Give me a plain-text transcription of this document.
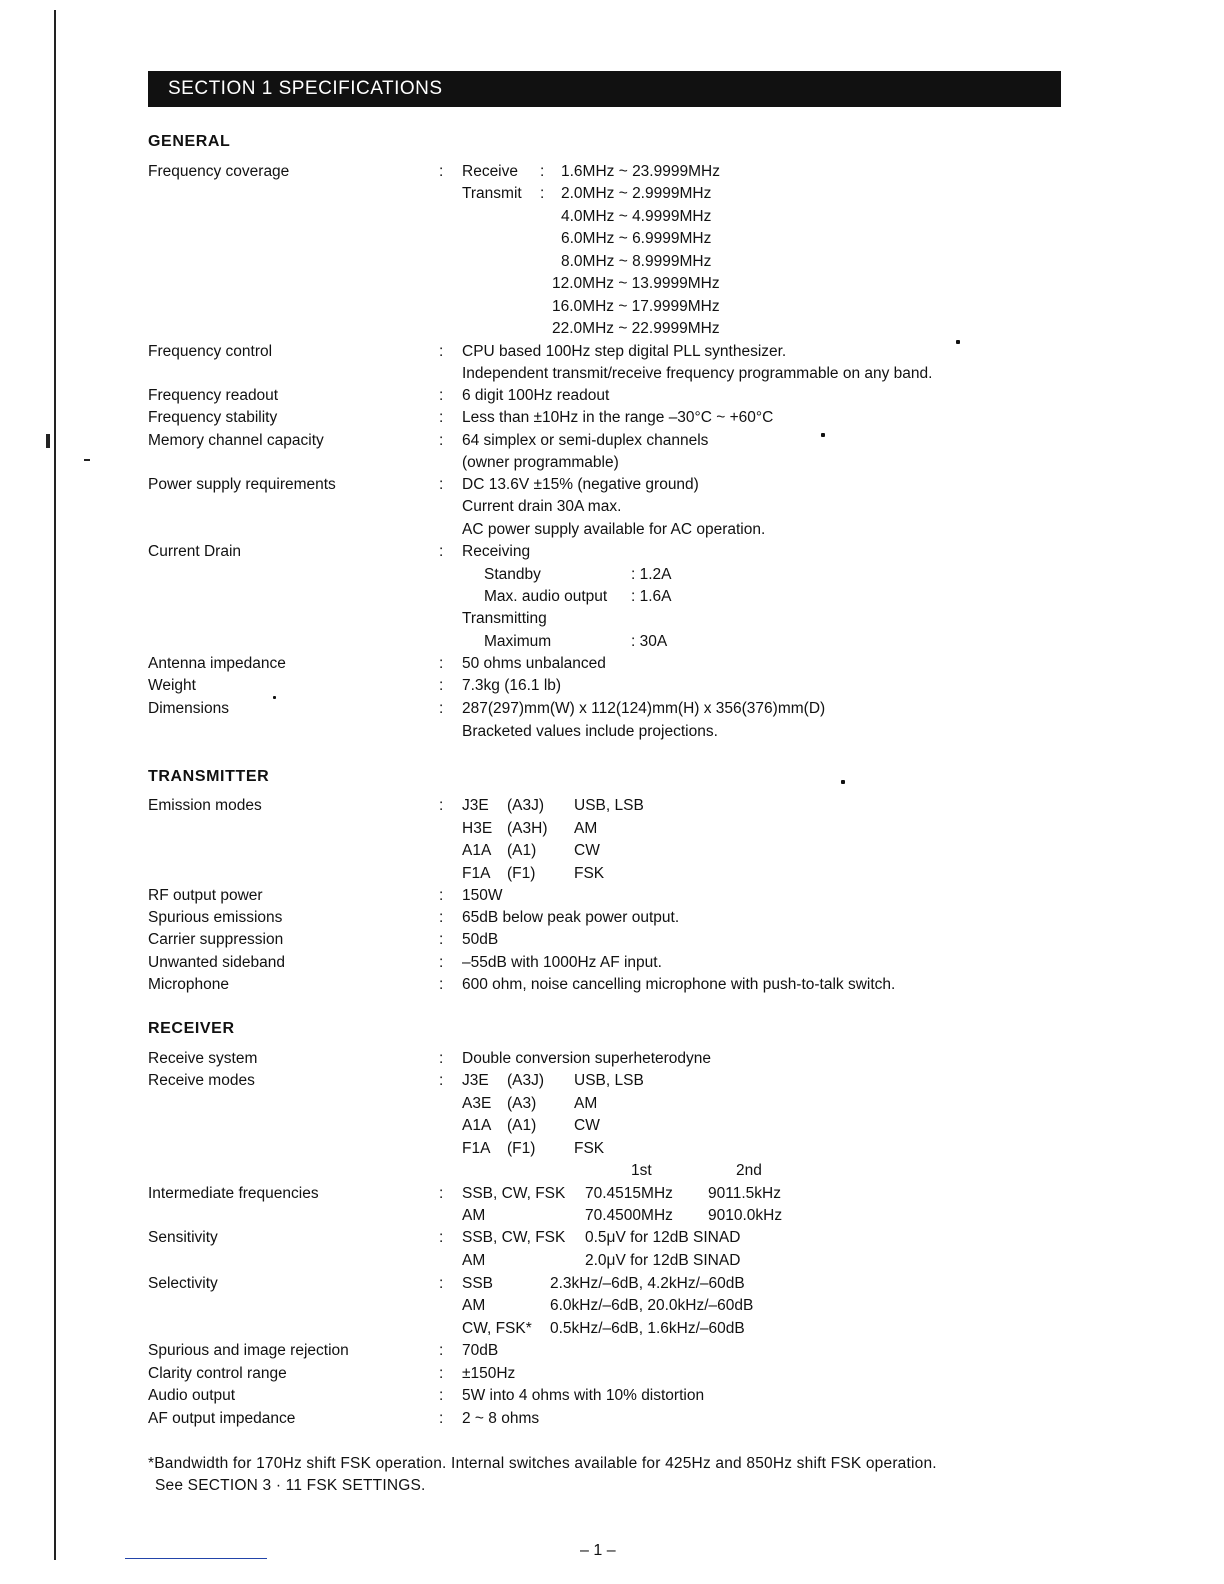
SECTION 1 SPECIFICATIONS
GENERAL
Frequency coverage	: Receive : 1.6MHz ~ 23.9999MHz
Transmit : 2.0MHz ~ 2.9999MHz
4.0MHz ~ 4.9999MHz
6.0MHz ~ 6.9999MHz
8.0MHz ~ 8.9999MHz
12.0MHz ~ 13.9999MHz
16.0MHz ~ 17.9999MHz
22.0MHz ~ 22.9999MHz
Frequency control	: CPU based 100Hz step digital PLL synthesizer.
Independent transmit/receive frequency programmable on any band.
Frequency readout	: 6 digit 100Hz readout
Frequency stability	: Less than ±10Hz in the range –30°C ~ +60°C
Memory channel capacity	: 64 simplex or semi-duplex channels
(owner programmable)
Power supply requirements	: DC 13.6V ±15% (negative ground)
Current drain 30A max.
AC power supply available for AC operation.
Current Drain	: Receiving
Standby	: 1.2A
Max. audio output : 1.6A
Transmitting
Maximum	: 30A
Antenna impedance	: 50 ohms unbalanced
Weight	: 7.3kg (16.1 lb)
Dimensions	: 287(297)mm(W) x 112(124)mm(H) x 356(376)mm(D)
Bracketed values include projections.
TRANSMITTER
Emission modes	: J3E (A3J) USB, LSB
H3E (A3H) AM
A1A (A1) CW
F1A (F1) FSK
RF output power	: 150W
Spurious emissions	: 65dB below peak power output.
Carrier suppression	: 50dB
Unwanted sideband	: –55dB with 1000Hz AF input.
Microphone	: 600 ohm, noise cancelling microphone with push-to-talk switch.
RECEIVER
Receive system	: Double conversion superheterodyne
Receive modes	: J3E (A3J) USB, LSB
A3E (A3) AM
A1A (A1) CW
F1A (F1) FSK
1st	2nd
Intermediate frequencies	: SSB, CW, FSK 70.4515MHz 9011.5kHz
AM	70.4500MHz 9010.0kHz
Sensitivity	: SSB, CW, FSK 0.5μV for 12dB SINAD
AM	2.0μV for 12dB SINAD
Selectivity	: SSB	2.3kHz/–6dB, 4.2kHz/–60dB
AM	6.0kHz/–6dB, 20.0kHz/–60dB
CW, FSK* 0.5kHz/–6dB, 1.6kHz/–60dB
Spurious and image rejection	: 70dB
Clarity control range	: ±150Hz
Audio output	: 5W into 4 ohms with 10% distortion
AF output impedance	: 2 ~ 8 ohms
*Bandwidth for 170Hz shift FSK operation. Internal switches available for 425Hz and 850Hz shift FSK operation.
See SECTION 3 · 11 FSK SETTINGS.
– 1 –
